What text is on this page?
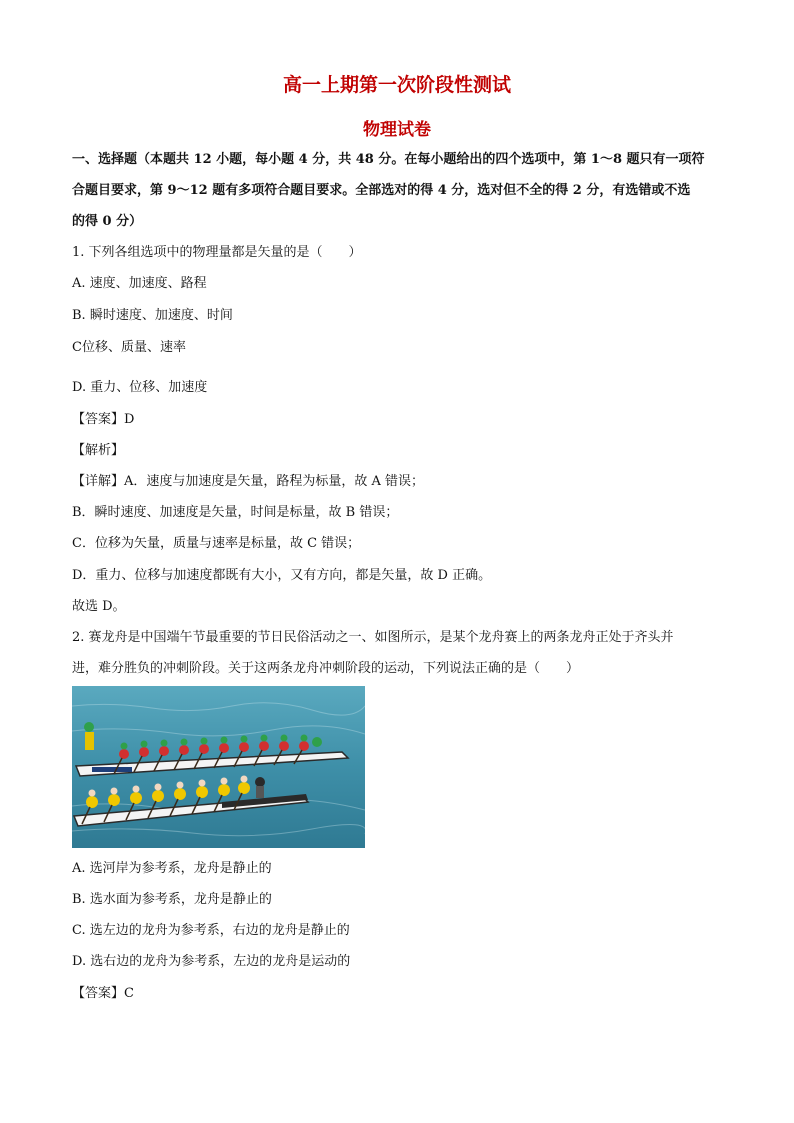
高一上期第一次阶段性测试
物理试卷
一、选择题（本题共 12 小题，每小题 4 分，共 48 分。在每小题给出的四个选项中，第 1～8 题只有一项符
合题目要求，第 9～12 题有多项符合题目要求。全部选对的得 4 分，选对但不全的得 2 分，有选错或不选
的得 0 分）
1. 下列各组选项中的物理量都是矢量的是（　　）
A. 速度、加速度、路程
B. 瞬时速度、加速度、时间
C位移、质量、速率
D. 重力、位移、加速度
【答案】D
【解析】
【详解】A．速度与加速度是矢量，路程为标量，故 A 错误；
B．瞬时速度、加速度是矢量，时间是标量，故 B 错误；
C．位移为矢量，质量与速率是标量，故 C 错误；
D．重力、位移与加速度都既有大小，又有方向，都是矢量，故 D 正确。
故选 D。
2. 赛龙舟是中国端午节最重要的节日民俗活动之一、如图所示，是某个龙舟赛上的两条龙舟正处于齐头并
进，难分胜负的冲刺阶段。关于这两条龙舟冲刺阶段的运动，下列说法正确的是（　　）
A. 选河岸为参考系，龙舟是静止的
B. 选水面为参考系，龙舟是静止的
C. 选左边的龙舟为参考系，右边的龙舟是静止的
D. 选右边的龙舟为参考系，左边的龙舟是运动的
【答案】C
